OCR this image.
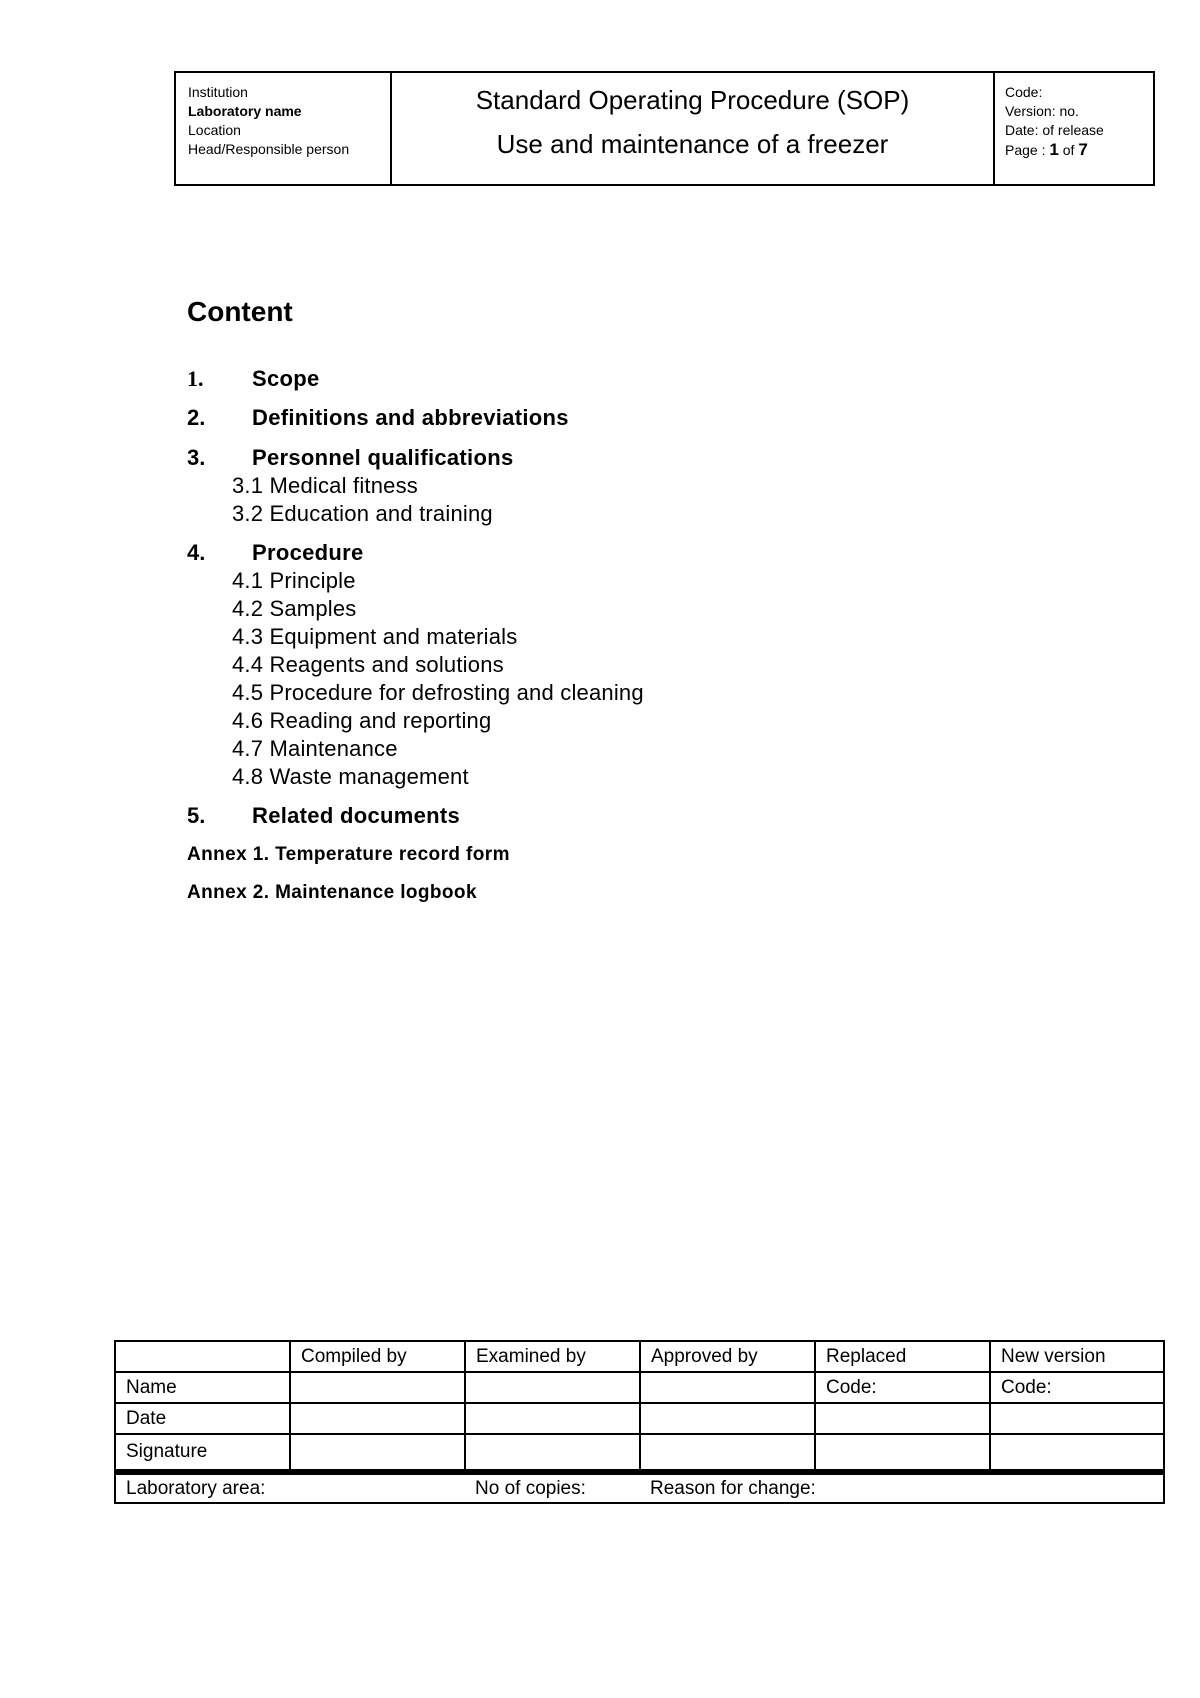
Institution
Laboratory name
Location
Head/Responsible person
Standard Operating Procedure (SOP)
Use and maintenance of a freezer
Code:
Version: no.
Date: of release
Page : 1 of 7
Content
1. Scope
2. Definitions and abbreviations
3. Personnel qualifications
3.1 Medical fitness
3.2 Education and training
4. Procedure
4.1 Principle
4.2 Samples
4.3 Equipment and materials
4.4 Reagents and solutions
4.5 Procedure for defrosting and cleaning
4.6 Reading and reporting
4.7 Maintenance
4.8 Waste management
5. Related documents
Annex 1. Temperature record form
Annex 2. Maintenance logbook
	Compiled by	Examined by	Approved by	Replaced	New version
Name				Code:	Code:
Date					
Signature					
Laboratory area:		No of copies:	Reason for change:		
